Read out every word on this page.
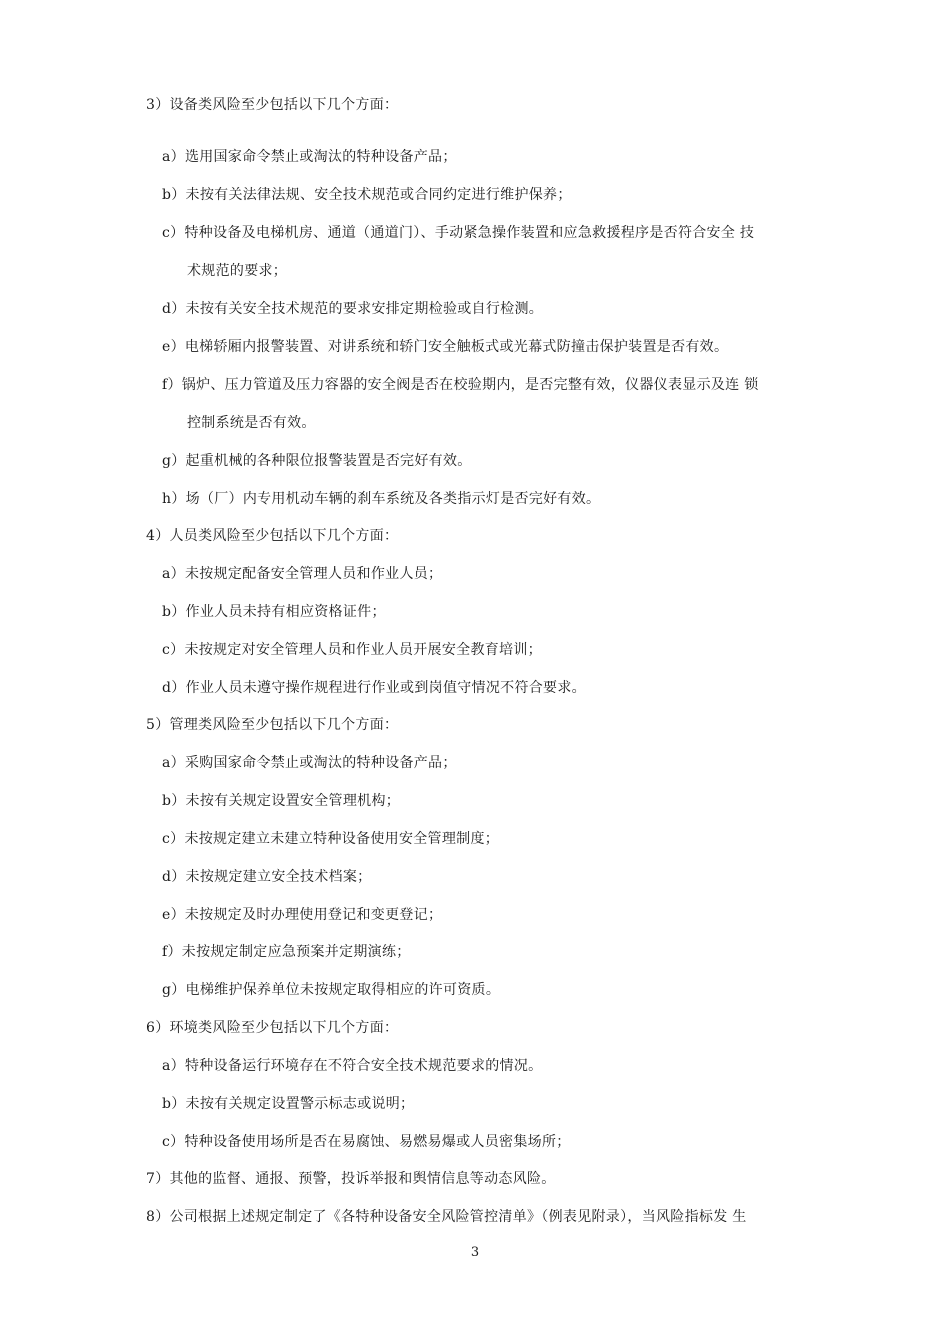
3）设备类风险至少包括以下几个方面：
a）选用国家命令禁止或淘汰的特种设备产品；
b）未按有关法律法规、安全技术规范或合同约定进行维护保养；
c）特种设备及电梯机房、通道（通道门）、手动紧急操作装置和应急救援程序是否符合安全 技
术规范的要求；
d）未按有关安全技术规范的要求安排定期检验或自行检测。
e）电梯轿厢内报警装置、对讲系统和轿门安全触板式或光幕式防撞击保护装置是否有效。
f）锅炉、压力管道及压力容器的安全阀是否在校验期内，是否完整有效，仪器仪表显示及连 锁
控制系统是否有效。
g）起重机械的各种限位报警装置是否完好有效。
h）场（厂）内专用机动车辆的刹车系统及各类指示灯是否完好有效。
4）人员类风险至少包括以下几个方面：
a）未按规定配备安全管理人员和作业人员；
b）作业人员未持有相应资格证件；
c）未按规定对安全管理人员和作业人员开展安全教育培训；
d）作业人员未遵守操作规程进行作业或到岗值守情况不符合要求。
5）管理类风险至少包括以下几个方面：
a）采购国家命令禁止或淘汰的特种设备产品；
b）未按有关规定设置安全管理机构；
c）未按规定建立未建立特种设备使用安全管理制度；
d）未按规定建立安全技术档案；
e）未按规定及时办理使用登记和变更登记；
f）未按规定制定应急预案并定期演练；
g）电梯维护保养单位未按规定取得相应的许可资质。
6）环境类风险至少包括以下几个方面：
a）特种设备运行环境存在不符合安全技术规范要求的情况。
b）未按有关规定设置警示标志或说明；
c）特种设备使用场所是否在易腐蚀、易燃易爆或人员密集场所；
7）其他的监督、通报、预警，投诉举报和舆情信息等动态风险。
8）公司根据上述规定制定了《各特种设备安全风险管控清单》（例表见附录），当风险指标发 生
3
